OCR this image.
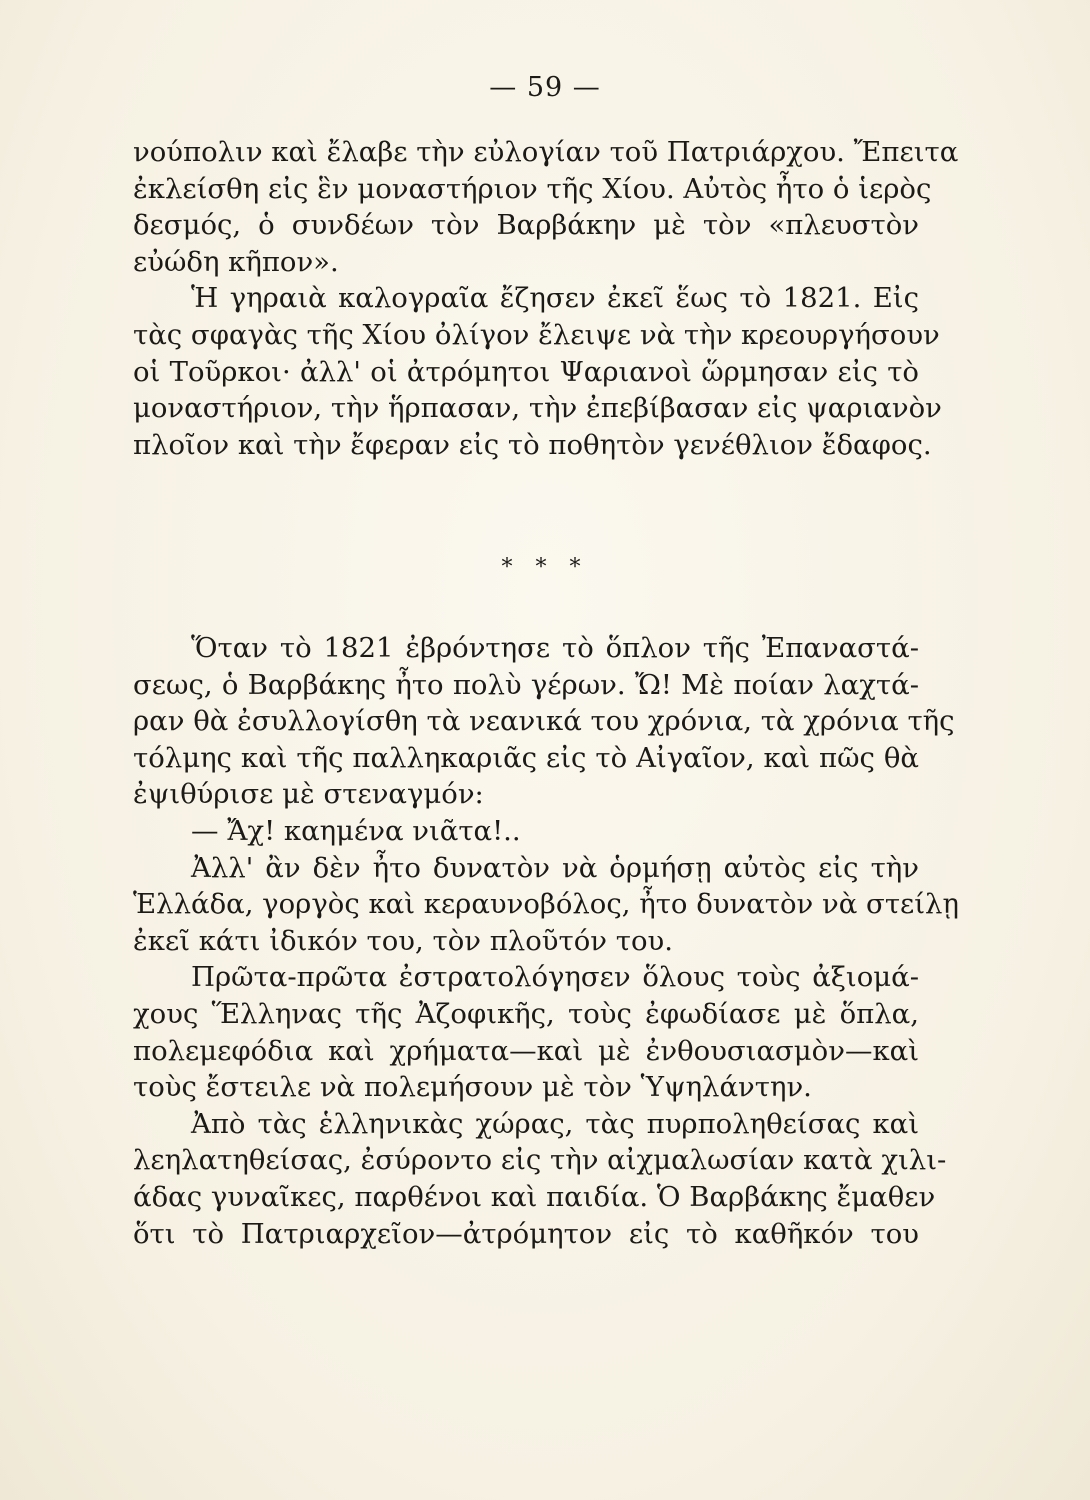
— 59 —
νούπολιν καὶ ἔλαβε τὴν εὐλογίαν τοῦ Πατριάρχου. Ἔπειτα
ἐκλείσθη εἰς ἓν μοναστήριον τῆς Χίου. Αὐτὸς ἦτο ὁ ἱερὸς
δεσμός, ὁ συνδέων τὸν Βαρβάκην μὲ τὸν «πλευστὸν
εὐώδη κῆπον».
Ἡ γηραιὰ καλογραῖα ἔζησεν ἐκεῖ ἕως τὸ 1821. Εἰς
τὰς σφαγὰς τῆς Χίου ὀλίγον ἔλειψε νὰ τὴν κρεουργήσουν
οἱ Τοῦρκοι· ἀλλ' οἱ ἀτρόμητοι Ψαριανοὶ ὥρμησαν εἰς τὸ
μοναστήριον, τὴν ἥρπασαν, τὴν ἐπεβίβασαν εἰς ψαριανὸν
πλοῖον καὶ τὴν ἔφεραν εἰς τὸ ποθητὸν γενέθλιον ἔδαφος.
* * *
Ὅταν τὸ 1821 ἐβρόντησε τὸ ὅπλον τῆς Ἐπαναστά-
σεως, ὁ Βαρβάκης ἦτο πολὺ γέρων. Ὤ! Μὲ ποίαν λαχτά-
ραν θὰ ἐσυλλογίσθη τὰ νεανικά του χρόνια, τὰ χρόνια τῆς
τόλμης καὶ τῆς παλληκαριᾶς εἰς τὸ Αἰγαῖον, καὶ πῶς θὰ
ἐψιθύρισε μὲ στεναγμόν:
— Ἄχ! καημένα νιᾶτα!..
Ἀλλ' ἂν δὲν ἦτο δυνατὸν νὰ ὁρμήσῃ αὐτὸς εἰς τὴν
Ἑλλάδα, γοργὸς καὶ κεραυνοβόλος, ἦτο δυνατὸν νὰ στείλῃ
ἐκεῖ κάτι ἰδικόν του, τὸν πλοῦτόν του.
Πρῶτα-πρῶτα ἐστρατολόγησεν ὅλους τοὺς ἀξιομά-
χους Ἕλληνας τῆς Ἀζοφικῆς, τοὺς ἐφωδίασε μὲ ὅπλα,
πολεμεφόδια καὶ χρήματα—καὶ μὲ ἐνθουσιασμὸν—καὶ
τοὺς ἔστειλε νὰ πολεμήσουν μὲ τὸν Ὑψηλάντην.
Ἀπὸ τὰς ἑλληνικὰς χώρας, τὰς πυρποληθείσας καὶ
λεηλατηθείσας, ἐσύροντο εἰς τὴν αἰχμαλωσίαν κατὰ χιλι-
άδας γυναῖκες, παρθένοι καὶ παιδία. Ὁ Βαρβάκης ἔμαθεν
ὅτι τὸ Πατριαρχεῖον—ἀτρόμητον εἰς τὸ καθῆκόν του
